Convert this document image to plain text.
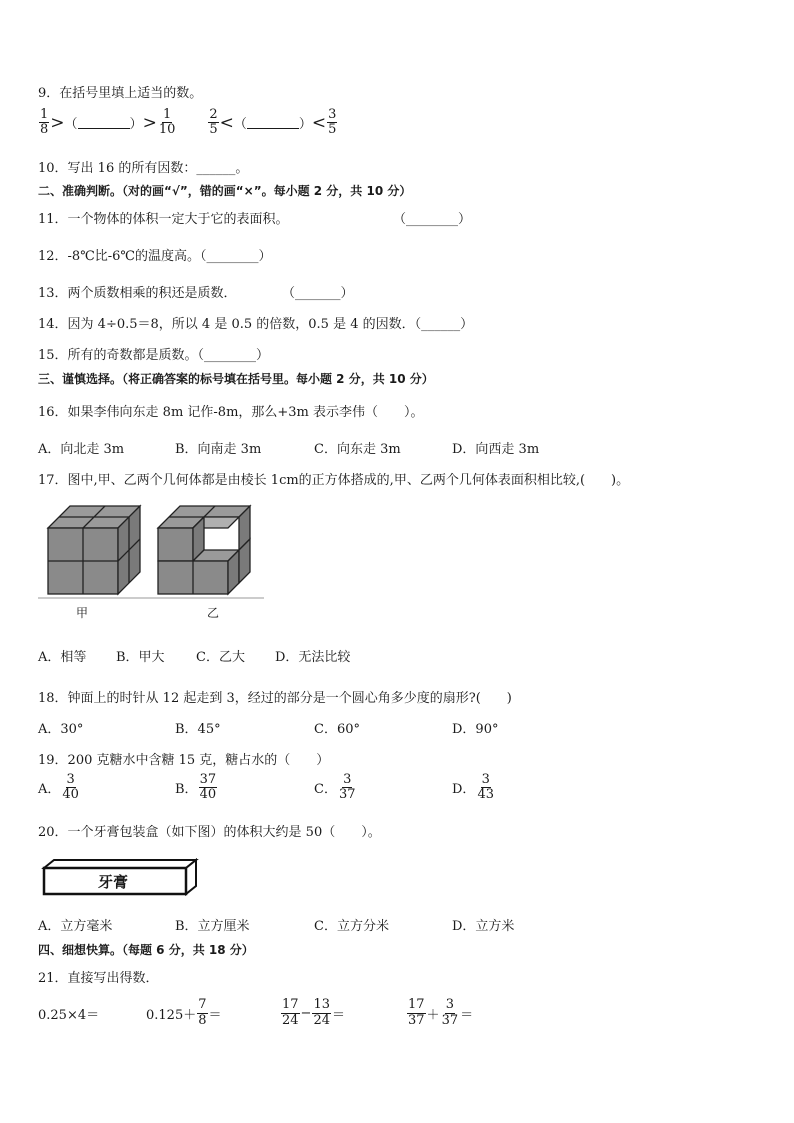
9．在括号里填上适当的数。
$\frac{1}{8}$ > （	） > $\frac{1}{10} \frac{2}{5}$ < （	） < $\frac{3}{5}$
10．写出 16 的所有因数：______。
二、准确判断。（对的画“√”，错的画“×”。每小题 2 分，共 10 分）
11．一个物体的体积一定大于它的表面积。	（________）
12．-8℃比-6℃的温度高。（________）
13．两个质数相乘的积还是质数．	（_______）
14．因为 4÷0.5＝8，所以 4 是 0.5 的倍数，0.5 是 4 的因数．（______）
15．所有的奇数都是质数。（________）
三、谨慎选择。（将正确答案的标号填在括号里。每小题 2 分，共 10 分）
16．如果李伟向东走 8m 记作-8m，那么+3m 表示李伟（　　）。
A．向北走 3m	B．向南走 3m	C．向东走 3m	D．向西走 3m
17．图中,甲、乙两个几何体都是由棱长 1cm的正方体搭成的,甲、乙两个几何体表面积相比较,(　　)。
甲	乙
A．相等 B．甲大 C．乙大 D．无法比较
18．钟面上的时针从 12 起走到 3，经过的部分是一个圆心角多少度的扇形?(　　)
A．30°	B．45°	C．60°	D．90°
19．200 克糖水中含糖 15 克，糖占水的（　　）
A． $\frac{3}{40}$	B． $\frac{37}{40}$	C． $\frac{3}{37}$	D． $\frac{3}{43}$
20．一个牙膏包装盒（如下图）的体积大约是 50（　　）。
牙膏
A．立方毫米	B．立方厘米	C．立方分米	D．立方米
四、细想快算。（每题 6 分，共 18 分）
21．直接写出得数．
0.25×4＝	$0.125+ \frac{7}{8}$ ＝	$\frac{17}{24} - \frac{13}{24}$ ＝	$\frac{17}{37} + \frac{3}{37}$ ＝
